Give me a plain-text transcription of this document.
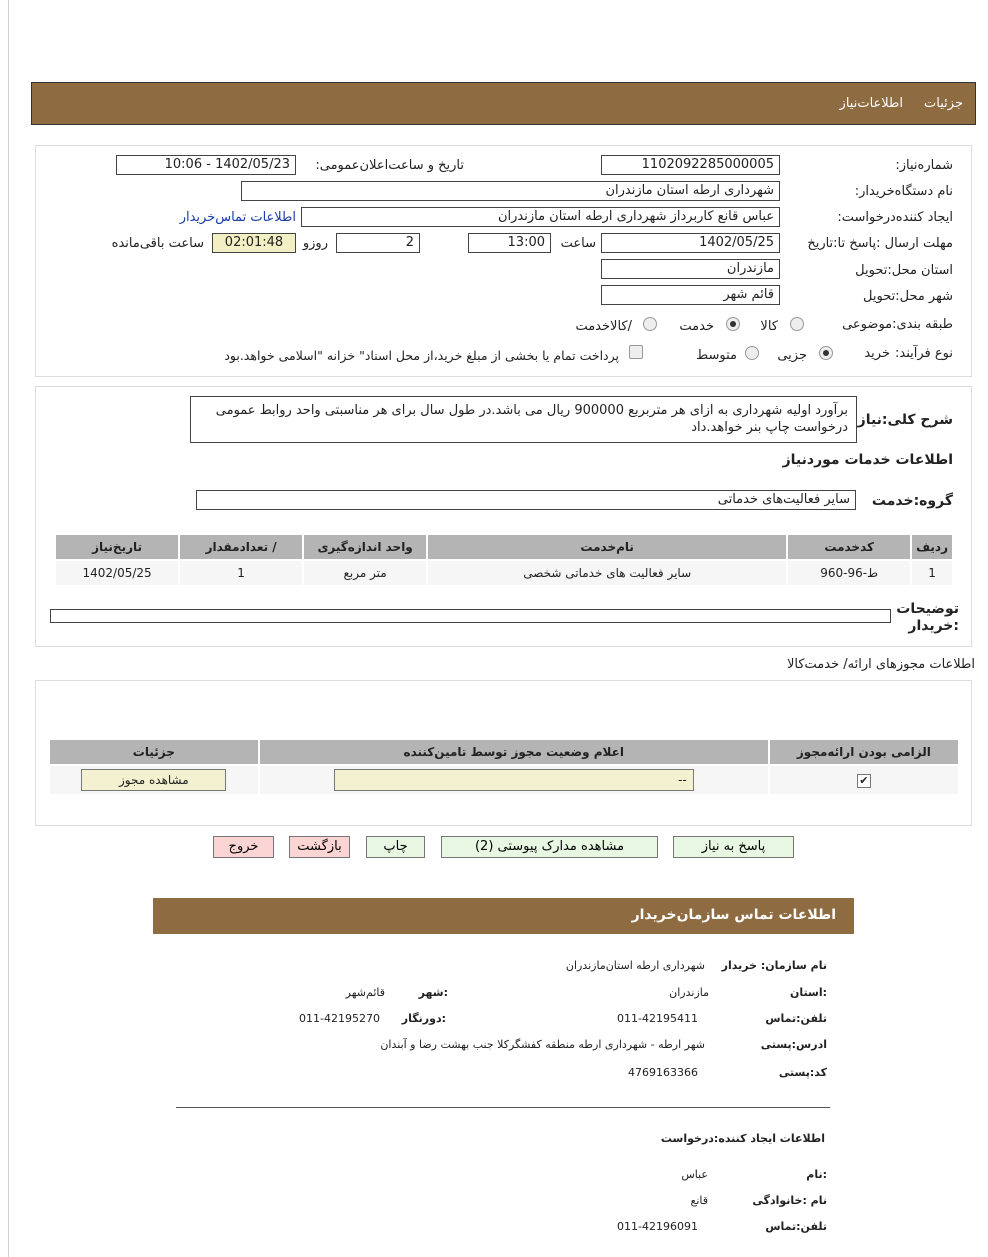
جزئیات
اطلاعات‌نیاز
شماره‌نیاز:
1102092285000005
تاریخ و ساعت‌اعلان‌عمومی:
1402/05/23 - 10:06
نام دستگاه‌خریدار:
شهرداری ارطه استان مازندران
ایجاد کننده‌درخواست:
عباس قانع کاربرداز شهرداری ارطه استان مازندران
اطلاعات تماس‌خریدار
مهلت ارسال :پاسخ تا:تاریخ
1402/05/25
ساعت
13:00
2
روزو
02:01:48
ساعت باقی‌مانده
استان محل:تحویل
مازندران
شهر محل:تحویل
قائم شهر
طبقه بندی:موضوعی
کالا
خدمت
/کالاخدمت
نوع فرآیند:
خرید
جزیی
متوسط
پرداخت تمام یا بخشی از مبلغ خرید،از محل اسناد" خزانه "اسلامی خواهد.بود
شرح کلی:نیاز
برآورد اولیه شهرداری به ازای هر متربربع 900000 ریال می باشد.در طول سال برای هر مناسبتی واحد روابط عمومی درخواست چاپ بنر خواهد.داد
اطلاعات خدمات موردنیاز
گروه:خدمت
سایر فعالیت‌های خدماتی
ردیف	کدخدمت	نام‌خدمت	واحد اندازه‌گیری	/ تعدادمقدار	تاریخ‌نیاز
1	ط-96-960	سایر فعالیت های خدماتی شخصی	متر مربع	1	1402/05/25
توضیحات :خریدار
اطلاعات مجوزهای ارائه/ خدمت‌کالا
الزامی بودن ارائه‌مجوز	اعلام وضعیت مجوز توسط تامین‌کننده	جزئیات
✔	--	مشاهده مجوز
پاسخ به نیاز
مشاهده مدارک پیوستی (2)
چاپ
بازگشت
خروج
اطلاعات تماس سازمان‌خریدار
نام سازمان: خریدار
شهرداری ارطه استان‌مازندران
:استان
مازندران
:شهر
قائم‌شهر
تلفن:تماس
011-42195411
:دورنگار
011-42195270
ادرس:پستی
شهر ارطه - شهرداری ارطه منطقه کفشگرکلا جنب بهشت رضا و آبندان
کد:پستی
4769163366
اطلاعات ایجاد کننده:درخواست
:نام
عباس
نام :خانوادگی
قانع
تلفن:تماس
011-42196091
